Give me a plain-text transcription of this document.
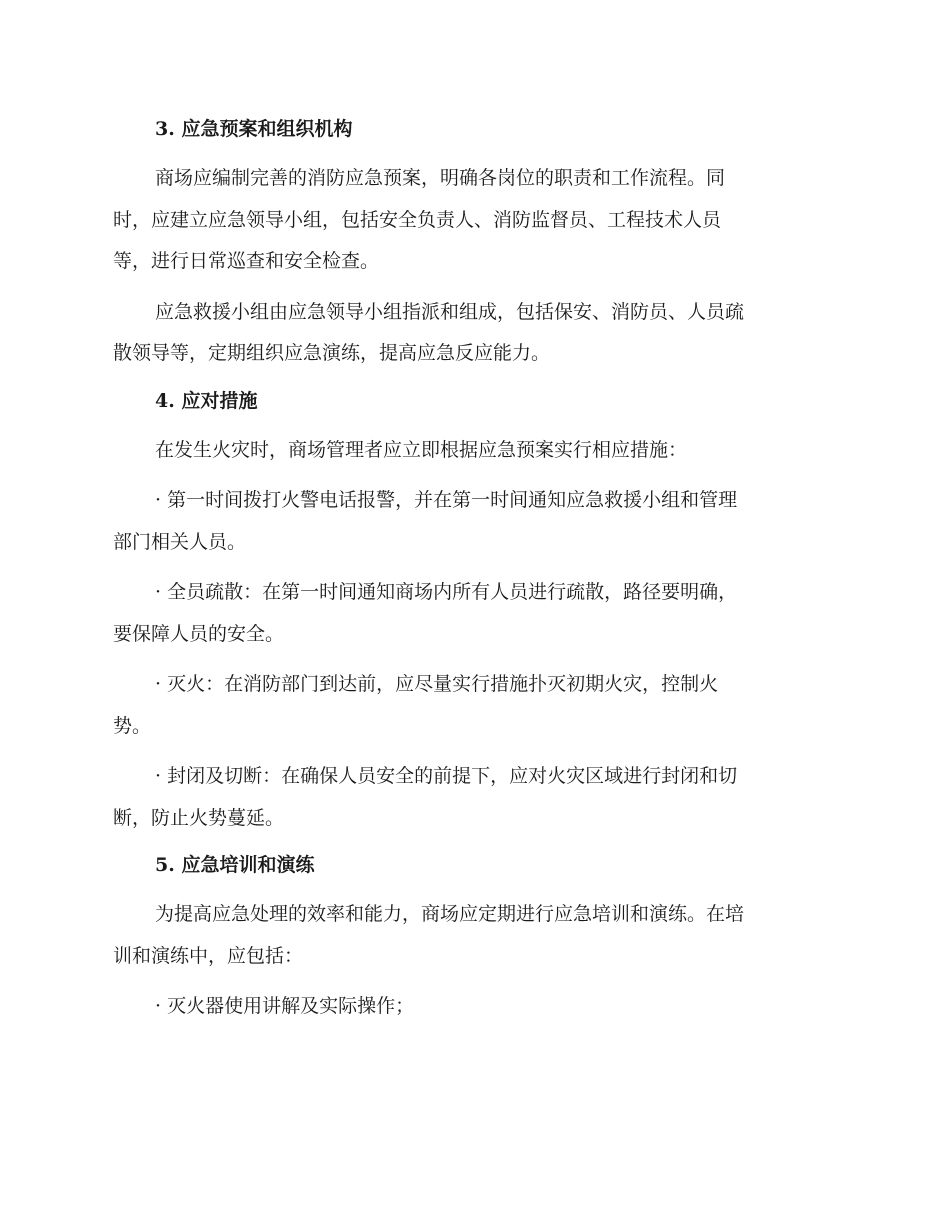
3. 应急预案和组织机构

商场应编制完善的消防应急预案，明确各岗位的职责和工作流程。同
时，应建立应急领导小组，包括安全负责人、消防监督员、工程技术人员
等，进行日常巡查和安全检查。

应急救援小组由应急领导小组指派和组成，包括保安、消防员、人员疏
散领导等，定期组织应急演练，提高应急反应能力。

4. 应对措施

在发生火灾时，商场管理者应立即根据应急预案实行相应措施：

· 第一时间拨打火警电话报警，并在第一时间通知应急救援小组和管理
部门相关人员。

· 全员疏散：在第一时间通知商场内所有人员进行疏散，路径要明确，
要保障人员的安全。

· 灭火：在消防部门到达前，应尽量实行措施扑灭初期火灾，控制火
势。

· 封闭及切断：在确保人员安全的前提下，应对火灾区域进行封闭和切
断，防止火势蔓延。

5. 应急培训和演练

为提高应急处理的效率和能力，商场应定期进行应急培训和演练。在培
训和演练中，应包括：

· 灭火器使用讲解及实际操作；
